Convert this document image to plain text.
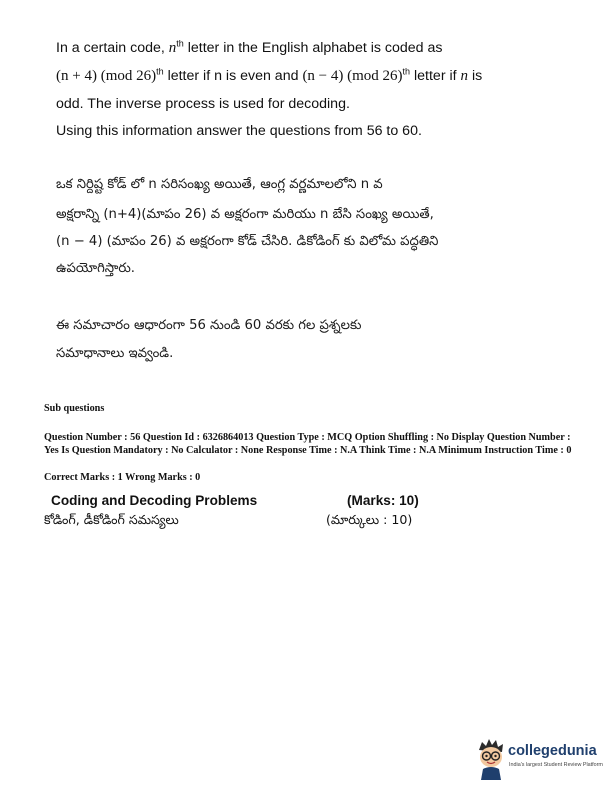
In a certain code, $n^{th}$ letter in the English alphabet is coded as
(n + 4) (mod 26)$^{th}$ letter if n is even and (n − 4) (mod 26)$^{th}$ letter if n is
odd. The inverse process is used for decoding.
Using this information answer the questions from 56 to 60.
ఒక నిర్దిష్ట కోడ్ లో n సరిసంఖ్య అయితే, ఆంగ్ల వర్ణమాలలోని n వ
అక్షరాన్ని (n+4)(మాపం 26) వ అక్షరంగా మరియు n బేసి సంఖ్య అయితే,
(n − 4) (మాపం 26) వ అక్షరంగా కోడ్ చేసిరి. డికోడింగ్ కు విలోమ పద్ధతిని
ఉపయోగిస్తారు.
ఈ సమాచారం ఆధారంగా 56 నుండి 60 వరకు గల ప్రశ్నలకు
సమాధానాలు ఇవ్వండి.
Sub questions
Question Number : 56 Question Id : 6326864013 Question Type : MCQ Option Shuffling : No Display Question Number : Yes Is Question Mandatory : No Calculator : None Response Time : N.A Think Time : N.A Minimum Instruction Time : 0
Correct Marks : 1 Wrong Marks : 0
Coding and Decoding Problems	(Marks: 10)
కోడింగ్, డీకోడింగ్ సమస్యలు	(మార్కులు : 10)
collegedunia
India's largest Student Review Platform
